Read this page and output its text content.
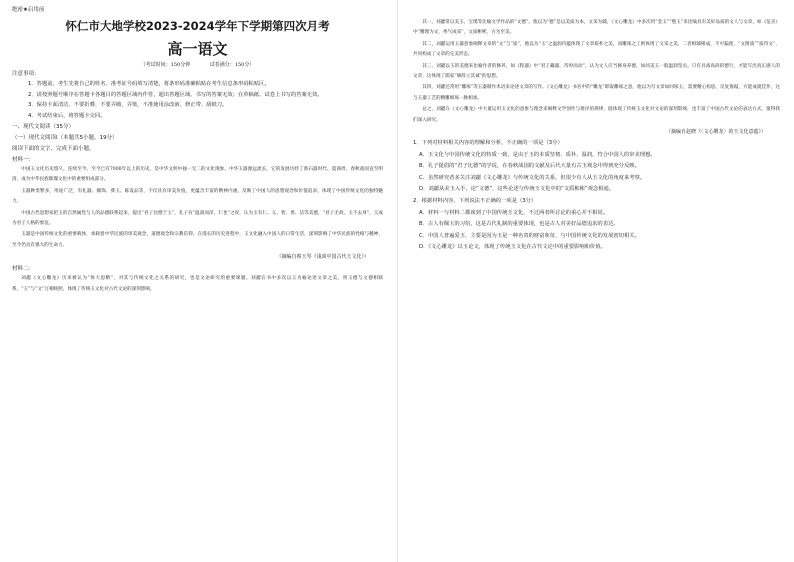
绝密★启用前
怀仁市大地学校2023-2024学年下学期第四次月考
高一语文
（考试时间：150分钟	试卷满分：150分）
注意事项：
1．答题前，考生先将自己的姓名、准考证号码填写清楚，将条形码准确粘贴在考生信息条形码粘贴区。
2．请按照题号顺序在答题卡各题目的答题区域内作答，超出答题区域、书写的答案无效；在草稿纸、试卷上书写的答案无效。
3．保持卡面清洁，不要折叠、不要弄破、弄皱，不准使用涂改液、修正带、刮纸刀。
4．考试结束后，将答题卡交回。
一、现代文阅读（35分）
（一）现代文阅读Ⅰ（本题共5小题，19分）
阅读下面的文字，完成下面小题。
材料一：

中国玉文化历史悠久，连续至今，至今已有7000年以上的历史，是中华文明中独一无二的文化现象。中华玉器源远流长，它的发展历经了新石器时代、夏商周、春秋战国直至明清，成为中华民族璀璨文化中的重要组成部分。

玉器种类繁多，用途广泛，有礼器、佩饰、葬玉、陈设品等，不仅具有审美价值，更蕴含丰富的精神内涵，反映了中国人的思想观念和价值追求，体现了中国传统文化的独特魅力。

中国古代思想家把玉的自然属性与人的品德联系起来，提出“君子比德于玉”，孔子有“温润而泽，仁也”之说，认为玉有仁、义、智、勇、洁等美德，“君子无故，玉不去身”，玉成为君子人格的象征。

玉器是中国传统文化的重要载体，承载着中华民族的审美观念、道德观念和宗教信仰。在漫长的历史进程中，玉文化融入中国人的日常生活，深刻影响了中华民族的性格与精神，至今仍具有强大的生命力。

（摘编自蔡玉琴《浅谈中国古代玉文化》）
材料二：

刘勰《文心雕龙》历来被认为“体大思精”，对其与传统文化之关系的研究，也是文论研究的重要课题。刘勰在书中多次以玉为喻论述文章之美，将玉德与文德相联系，“玉”与“文”互相映照，体现了传统玉文化对古代文论的深刻影响。

其一，刘勰常以美玉、宝璞等比喻文学作品的“文德”。他以为“德”是以美质为本，文采为辅，《文心雕龙》中多次用“金玉”“璧玉”来比喻具有美好品质的文人与文章，如《征圣》中“精理为文，秀气成采”，文质彬彬，方为至美。

其二，刘勰运用玉器意象阐释文章的“文”与“质”，他以为“玉”之温润内蕴体现了文章质朴之美，而雕琢之工则体现了文采之美，二者相辅相成，不可偏废，“文附质”“质待文”，共同构成了文章的完美形态。

其三，刘勰以玉的美德来比喻作者的修养，如《程器》中“君子藏器，待时而动”，认为文人应当修身养德，如同美玉一般温润坚贞。只有具备高尚的德行，才能写出真正感人的文章，这体现了儒家“修辞立其诚”的思想。

其四，刘勰还常用“雕琢”等玉器制作术语来论述文章的写作。《文心雕龙》书名中的“雕龙”即取雕琢之意，他以为写文章如同琢玉，需要精心构思、反复推敲，方能成就佳作，这与玉器工艺的精雕细琢一脉相承。

总之，刘勰在《文心雕龙》中大量运用玉文化的意象与理念来阐释文学创作与批评的规律，既体现了传统玉文化对文论的深刻影响，也丰富了中国古代文论的表达方式，值得我们深入研究。

（摘编自赵晓《〈文心雕龙〉的玉文化意蕴》）
1．下列对材料相关内容的理解和分析，不正确的一项是（3分）
A．玉文化与中国传统文化的特质一致，是由于玉的本质坚韧、质朴、温润，符合中国人的审美理想。
B．孔子提倡的“君子比德”的学说，在春秋战国的文献及后代大量有古玉观念中得到充分反映。
C．虽然研究者多关注刘勰《文心雕龙》与传统文化的关系，但很少有人从玉文化的角度来考察。
D．刘勰从美玉入手，论“文德”，这些论述与传统玉文化中的“文质彬彬”观念相通。
2．根据材料内容，下列说法不正确的一项是（3分）
A．材料一与材料二都谈到了中国传统玉文化，不过两者所讨论的重心并不相同。
B．古人有佩玉的习俗，这是古代礼制的重要体现，也是古人对美好品德追求的表达。
C．中国人普遍爱玉，主要是因为玉是一种名贵的财富象征，与中国传统文化的发展密切相关。
D．《文心雕龙》以玉论文，体现了传统玉文化在古代文论中的重要影响和价值。
